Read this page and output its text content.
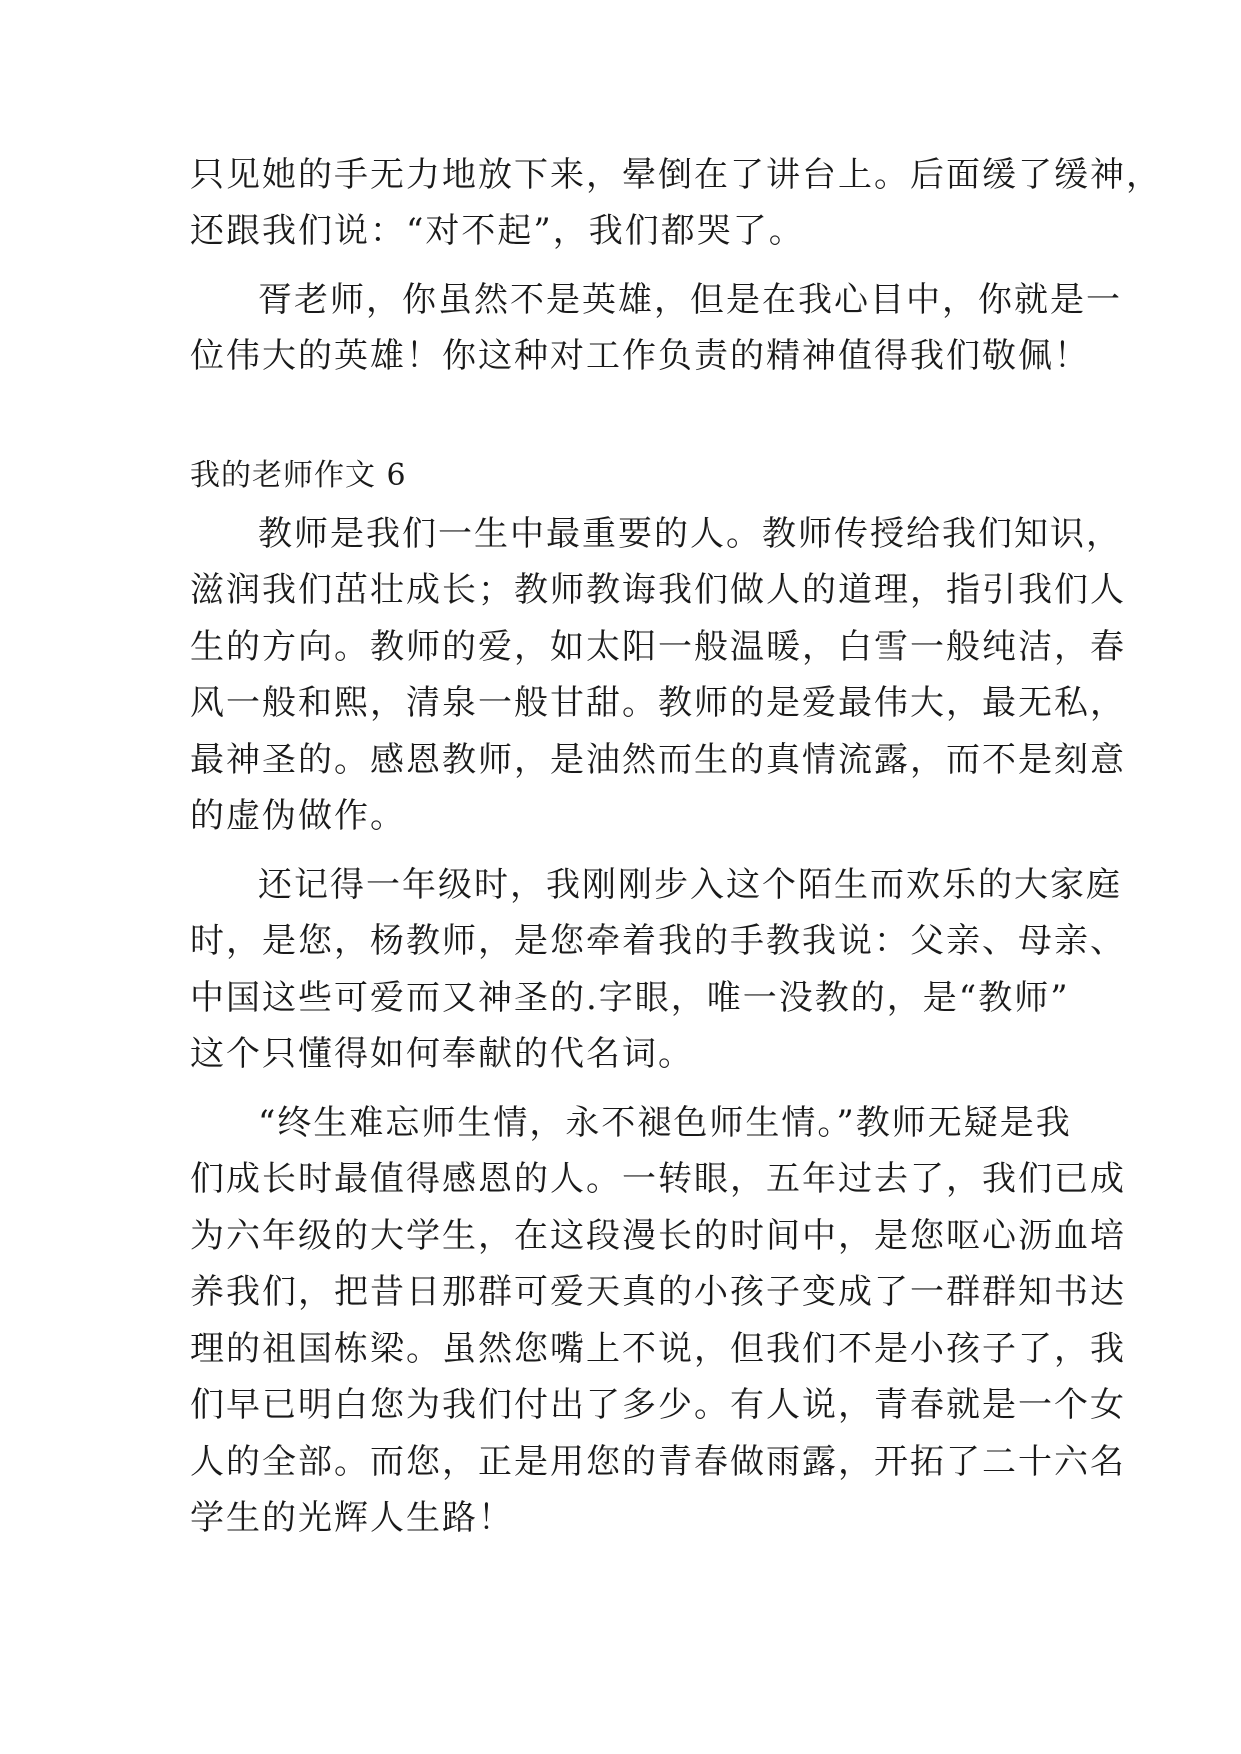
只见她的手无力地放下来，晕倒在了讲台上。后面缓了缓神，
还跟我们说：“对不起”，我们都哭了。
胥老师，你虽然不是英雄，但是在我心目中，你就是一
位伟大的英雄！你这种对工作负责的精神值得我们敬佩！
我的老师作文 6
教师是我们一生中最重要的人。教师传授给我们知识，
滋润我们茁壮成长；教师教诲我们做人的道理，指引我们人
生的方向。教师的爱，如太阳一般温暖，白雪一般纯洁，春
风一般和熙，清泉一般甘甜。教师的是爱最伟大，最无私，
最神圣的。感恩教师，是油然而生的真情流露，而不是刻意
的虚伪做作。
还记得一年级时，我刚刚步入这个陌生而欢乐的大家庭
时，是您，杨教师，是您牵着我的手教我说：父亲、母亲、
中国这些可爱而又神圣的.字眼，唯一没教的，是“教师”
这个只懂得如何奉献的代名词。
“终生难忘师生情，永不褪色师生情。”教师无疑是我
们成长时最值得感恩的人。一转眼，五年过去了，我们已成
为六年级的大学生，在这段漫长的时间中，是您呕心沥血培
养我们，把昔日那群可爱天真的小孩子变成了一群群知书达
理的祖国栋梁。虽然您嘴上不说，但我们不是小孩子了，我
们早已明白您为我们付出了多少。有人说，青春就是一个女
人的全部。而您，正是用您的青春做雨露，开拓了二十六名
学生的光辉人生路！
